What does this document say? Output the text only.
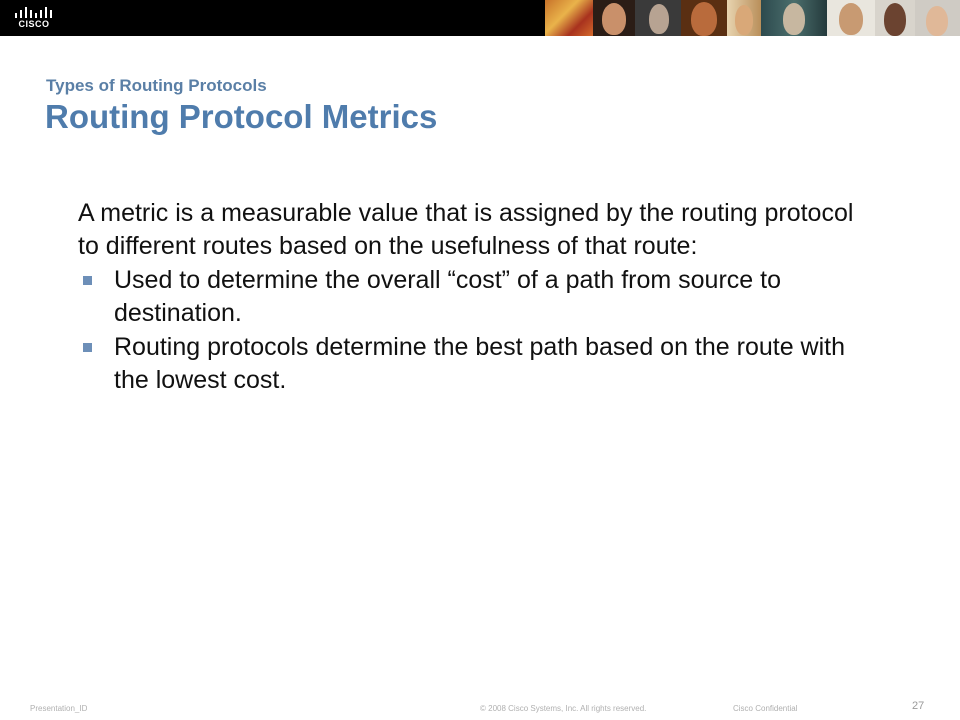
CISCO
Types of Routing Protocols
Routing Protocol Metrics

A metric is a measurable value that is assigned by the routing protocol to different routes based on the usefulness of that route:

Used to determine the overall “cost” of a path from source to destination.
Routing protocols determine the best path based on the route with the lowest cost.
Presentation_ID	© 2008 Cisco Systems, Inc. All rights reserved.	Cisco Confidential	27
